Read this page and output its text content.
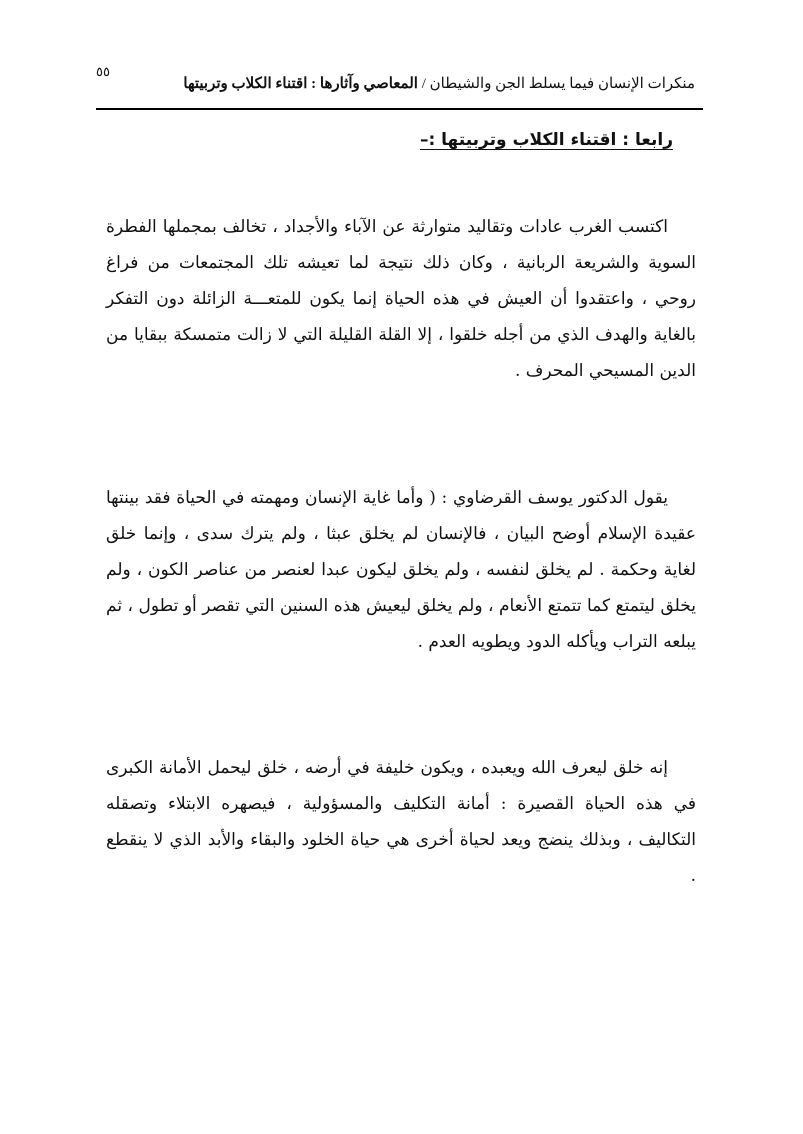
٥٥
منكرات الإنسان فيما يسلط الجن والشيطان / المعاصي وآثارها : اقتناء الكلاب وتربيتها
رابعا : اقتناء الكلاب وتربيتها :–

اكتسب الغرب عادات وتقاليد متوارثة عن الآباء والأجداد ، تخالف بمجملها الفطرة السوية والشريعة الربانية ، وكان ذلك نتيجة لما تعيشه تلك المجتمعات من فراغ روحي ، واعتقدوا أن العيش في هذه الحياة إنما يكون للمتعـــة الزائلة دون التفكر بالغاية والهدف الذي من أجله خلقوا ، إلا القلة القليلة التي لا زالت متمسكة ببقايا من الدين المسيحي المحرف .

يقول الدكتور يوسف القرضاوي : ( وأما غاية الإنسان ومهمته في الحياة فقد بينتها عقيدة الإسلام أوضح البيان ، فالإنسان لم يخلق عبثا ، ولم يترك سدى ، وإنما خلق لغاية وحكمة . لم يخلق لنفسه ، ولم يخلق ليكون عبدا لعنصر من عناصر الكون ، ولم يخلق ليتمتع كما تتمتع الأنعام ، ولم يخلق ليعيش هذه السنين التي تقصر أو تطول ، ثم يبلعه التراب ويأكله الدود ويطويه العدم .

إنه خلق ليعرف الله ويعبده ، ويكون خليفة في أرضه ، خلق ليحمل الأمانة الكبرى في هذه الحياة القصيرة : أمانة التكليف والمسؤولية ، فيصهره الابتلاء وتصقله التكاليف ، وبذلك ينضج ويعد لحياة أخرى هي حياة الخلود والبقاء والأبد الذي لا ينقطع .
